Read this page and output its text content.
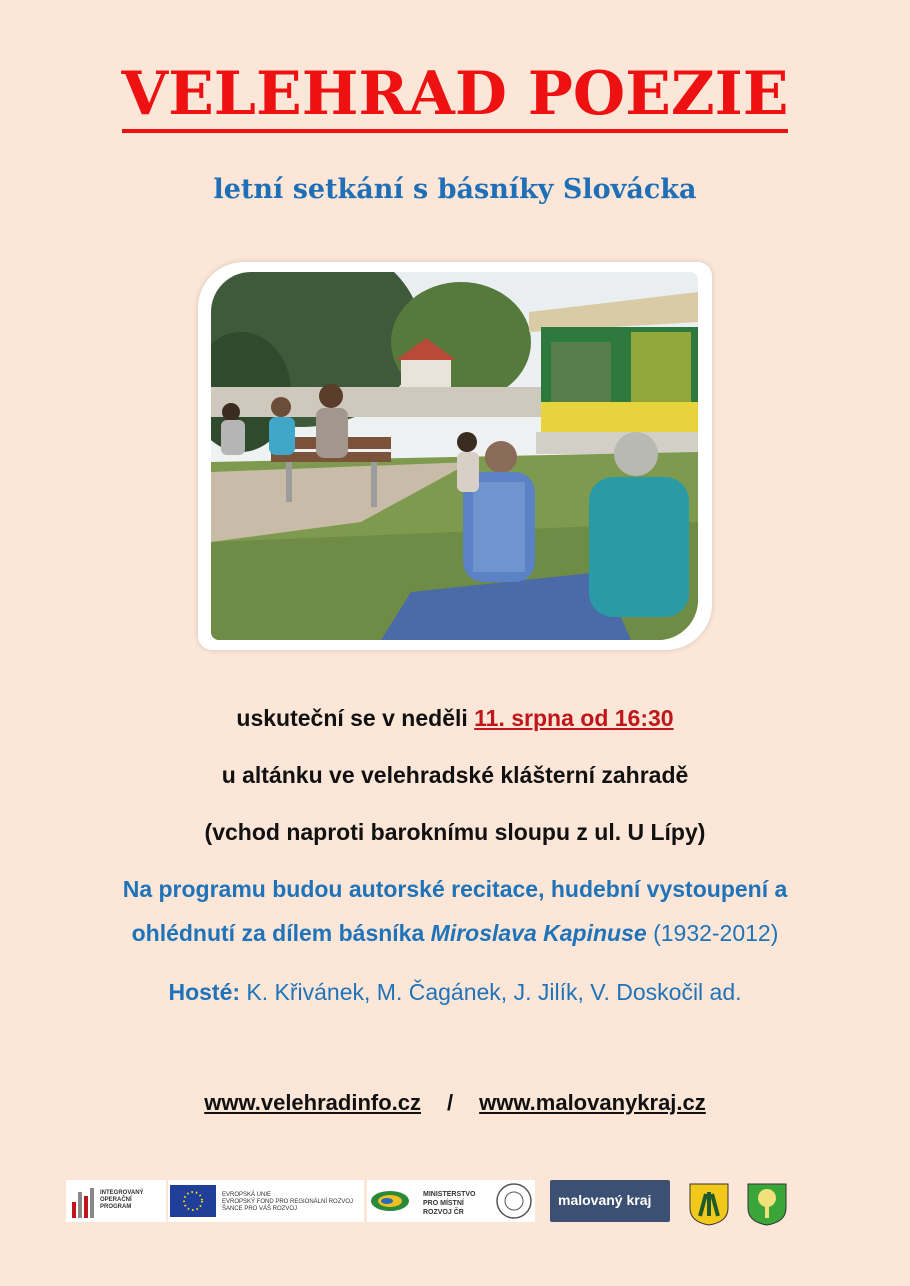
VELEHRAD POEZIE
letní setkání s básníky Slovácka
uskuteční se v neděli 11. srpna od 16:30
u altánku ve velehradské klášterní zahradě
(vchod naproti baroknímu sloupu z ul. U Lípy)
Na programu budou autorské recitace, hudební vystoupení a
ohlédnutí za dílem básníka Miroslava Kapinuse (1932-2012)
Hosté: K. Křivánek, M. Čagánek, J. Jilík, V. Doskočil ad.
www.velehradinfo.cz / www.malovanykraj.cz
INTEGROVANÝ
OPERAČNÍ
PROGRAM
EVROPSKÁ UNIE
EVROPSKÝ FOND PRO REGIONÁLNÍ ROZVOJ
ŠANCE PRO VÁŠ ROZVOJ
MINISTERSTVO
PRO MÍSTNÍ
ROZVOJ ČR
malovaný kraj
